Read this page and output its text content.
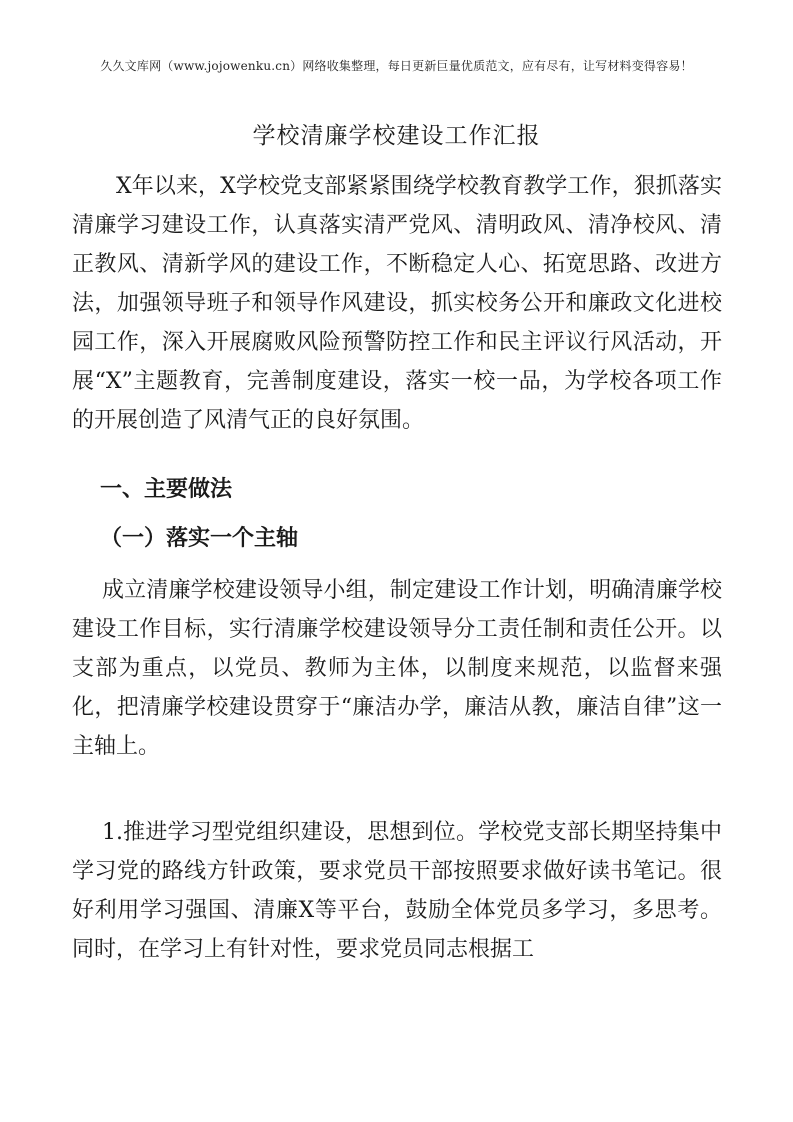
久久文库网（www.jojowenku.cn）网络收集整理，每日更新巨量优质范文，应有尽有，让写材料变得容易！
学校清廉学校建设工作汇报

X年以来，X学校党支部紧紧围绕学校教育教学工作，狠抓落实清廉学习建设工作，认真落实清严党风、清明政风、清净校风、清正教风、清新学风的建设工作，不断稳定人心、拓宽思路、改进方法，加强领导班子和领导作风建设，抓实校务公开和廉政文化进校园工作，深入开展腐败风险预警防控工作和民主评议行风活动，开展“X”主题教育，完善制度建设，落实一校一品，为学校各项工作的开展创造了风清气正的良好氛围。

一、主要做法
（一）落实一个主轴

成立清廉学校建设领导小组，制定建设工作计划，明确清廉学校建设工作目标，实行清廉学校建设领导分工责任制和责任公开。以支部为重点，以党员、教师为主体，以制度来规范，以监督来强化，把清廉学校建设贯穿于“廉洁办学，廉洁从教，廉洁自律”这一主轴上。

1.推进学习型党组织建设，思想到位。学校党支部长期坚持集中学习党的路线方针政策，要求党员干部按照要求做好读书笔记。很好利用学习强国、清廉X等平台，鼓励全体党员多学习，多思考。同时，在学习上有针对性，要求党员同志根据工
